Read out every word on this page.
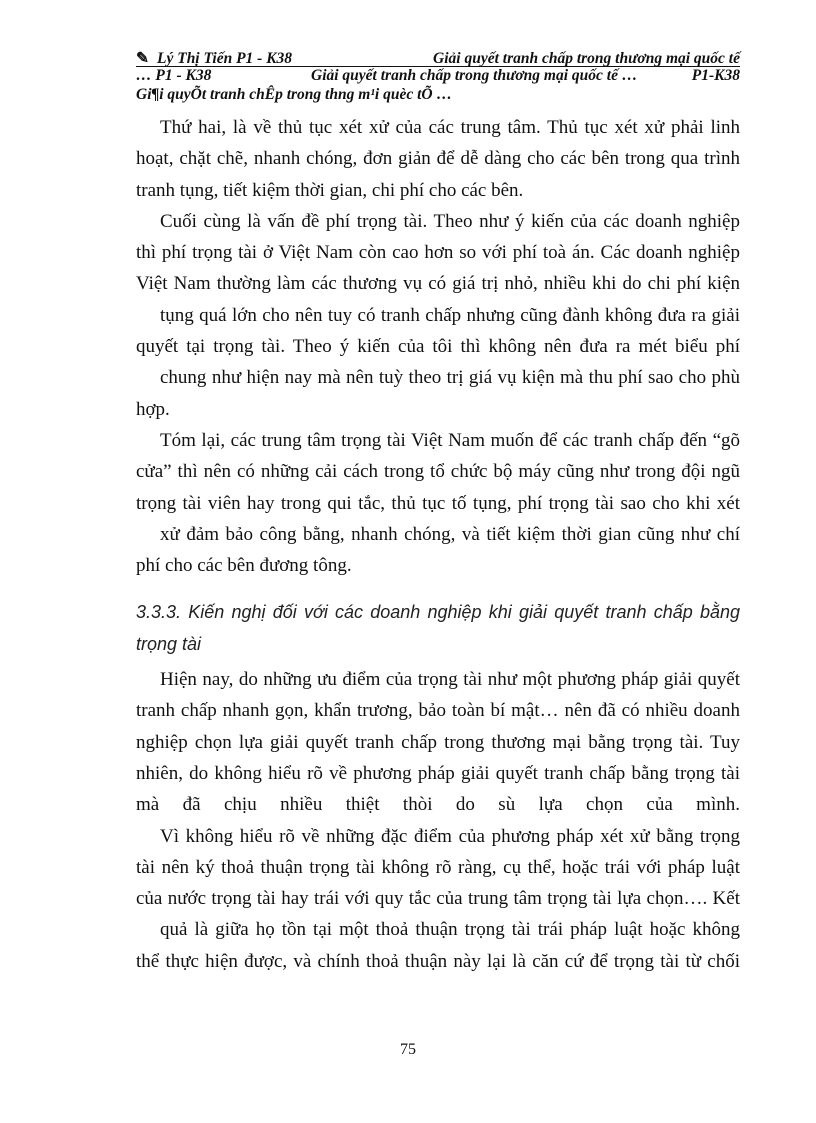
✎ Lý Thị Tiến P1 - K38	Giải quyết tranh chấp trong thương mại quốc tế
… P1 - K38	Giải quyết tranh chấp trong thương mại quốc tế …	P1-K38
Gi¶i quyÕt tranh chÊp trong thng m¹i quèc tÕ …
Thứ hai, là về thủ tục xét xử của các trung tâm. Thủ tục xét xử phải linh
hoạt, chặt chẽ, nhanh chóng, đơn giản để dễ dàng cho các bên trong qua trình
tranh tụng, tiết kiệm thời gian, chi phí cho các bên.
Cuối cùng là vấn đề phí trọng tài. Theo như ý kiến của các doanh nghiệp
thì phí trọng tài ở Việt Nam còn cao hơn so với phí toà án. Các doanh nghiệp
Việt Nam thường làm các thương vụ có giá trị nhỏ, nhiều khi do chi phí kiện
tụng quá lớn cho nên tuy có tranh chấp nhưng cũng đành không đưa ra giải
quyết tại trọng tài. Theo ý kiến của tôi thì không nên đưa ra mét biểu phí
chung như hiện nay mà nên tuỳ theo trị giá vụ kiện mà thu phí sao cho phù
hợp.
Tóm lại, các trung tâm trọng tài Việt Nam muốn để các tranh chấp đến “gõ
cửa” thì nên có những cải cách trong tổ chức bộ máy cũng như trong đội ngũ
trọng tài viên hay trong qui tắc, thủ tục tố tụng, phí trọng tài sao cho khi xét
xử đảm bảo công bằng, nhanh chóng, và tiết kiệm thời gian cũng như chí
phí cho các bên đương tông.
3.3.3. Kiến nghị đối với các doanh nghiệp khi giải quyết tranh chấp bằng
trọng tài
Hiện nay, do những ưu điểm của trọng tài như một phương pháp giải quyết
tranh chấp nhanh gọn, khẩn trương, bảo toàn bí mật… nên đã có nhiều doanh
nghiệp chọn lựa giải quyết tranh chấp trong thương mại bằng trọng tài. Tuy
nhiên, do không hiểu rõ về phương pháp giải quyết tranh chấp bằng trọng tài
mà đã chịu nhiều thiệt thòi do sù lựa chọn của mình.
Vì không hiểu rõ về những đặc điểm của phương pháp xét xử bằng trọng
tài nên ký thoả thuận trọng tài không rõ ràng, cụ thể, hoặc trái với pháp luật
của nước trọng tài hay trái với quy tắc của trung tâm trọng tài lựa chọn…. Kết
quả là giữa họ tồn tại một thoả thuận trọng tài trái pháp luật hoặc không
thể thực hiện được, và chính thoả thuận này lại là căn cứ để trọng tài từ chối
75
